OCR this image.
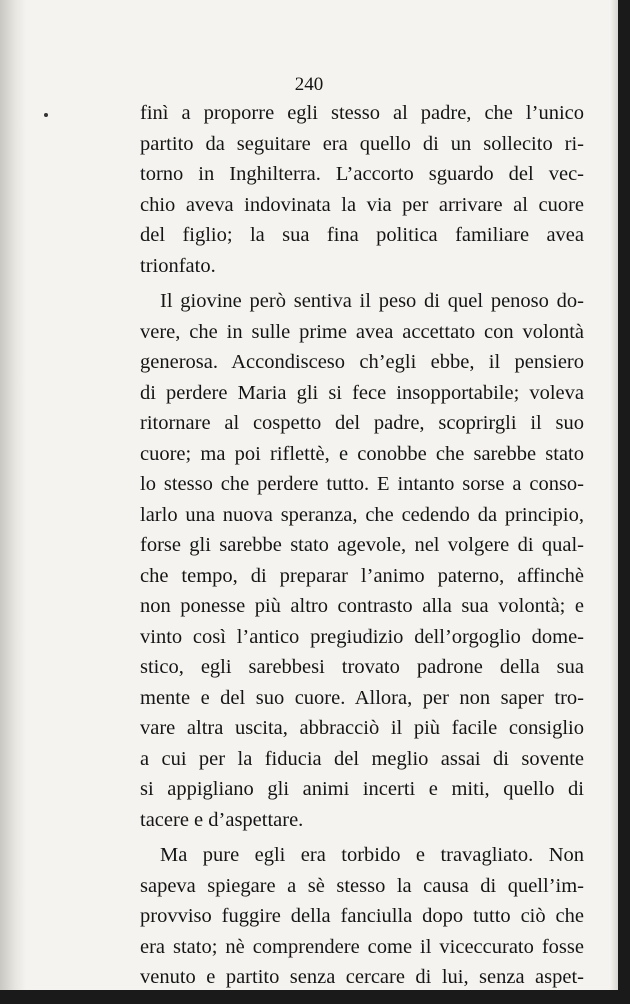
240
finì a proporre egli stesso al padre, che l’unico
partito da seguitare era quello di un sollecito ri-
torno in Inghilterra. L’accorto sguardo del vec-
chio aveva indovinata la via per arrivare al cuore
del figlio; la sua fina politica familiare avea
trionfato.
Il giovine però sentiva il peso di quel penoso do-
vere, che in sulle prime avea accettato con volontà
generosa. Accondisceso ch’egli ebbe, il pensiero
di perdere Maria gli si fece insopportabile; voleva
ritornare al cospetto del padre, scoprirgli il suo
cuore; ma poi riflettè, e conobbe che sarebbe stato
lo stesso che perdere tutto. E intanto sorse a conso-
larlo una nuova speranza, che cedendo da principio,
forse gli sarebbe stato agevole, nel volgere di qual-
che tempo, di preparar l’animo paterno, affinchè
non ponesse più altro contrasto alla sua volontà; e
vinto così l’antico pregiudizio dell’orgoglio dome-
stico, egli sarebbesi trovato padrone della sua
mente e del suo cuore. Allora, per non saper tro-
vare altra uscita, abbracciò il più facile consiglio
a cui per la fiducia del meglio assai di sovente
si appigliano gli animi incerti e miti, quello di
tacere e d’aspettare.
Ma pure egli era torbido e travagliato. Non
sapeva spiegare a sè stesso la causa di quell’im-
provviso fuggire della fanciulla dopo tutto ciò che
era stato; nè comprendere come il viceccurato fosse
venuto e partito senza cercare di lui, senza aspet-
